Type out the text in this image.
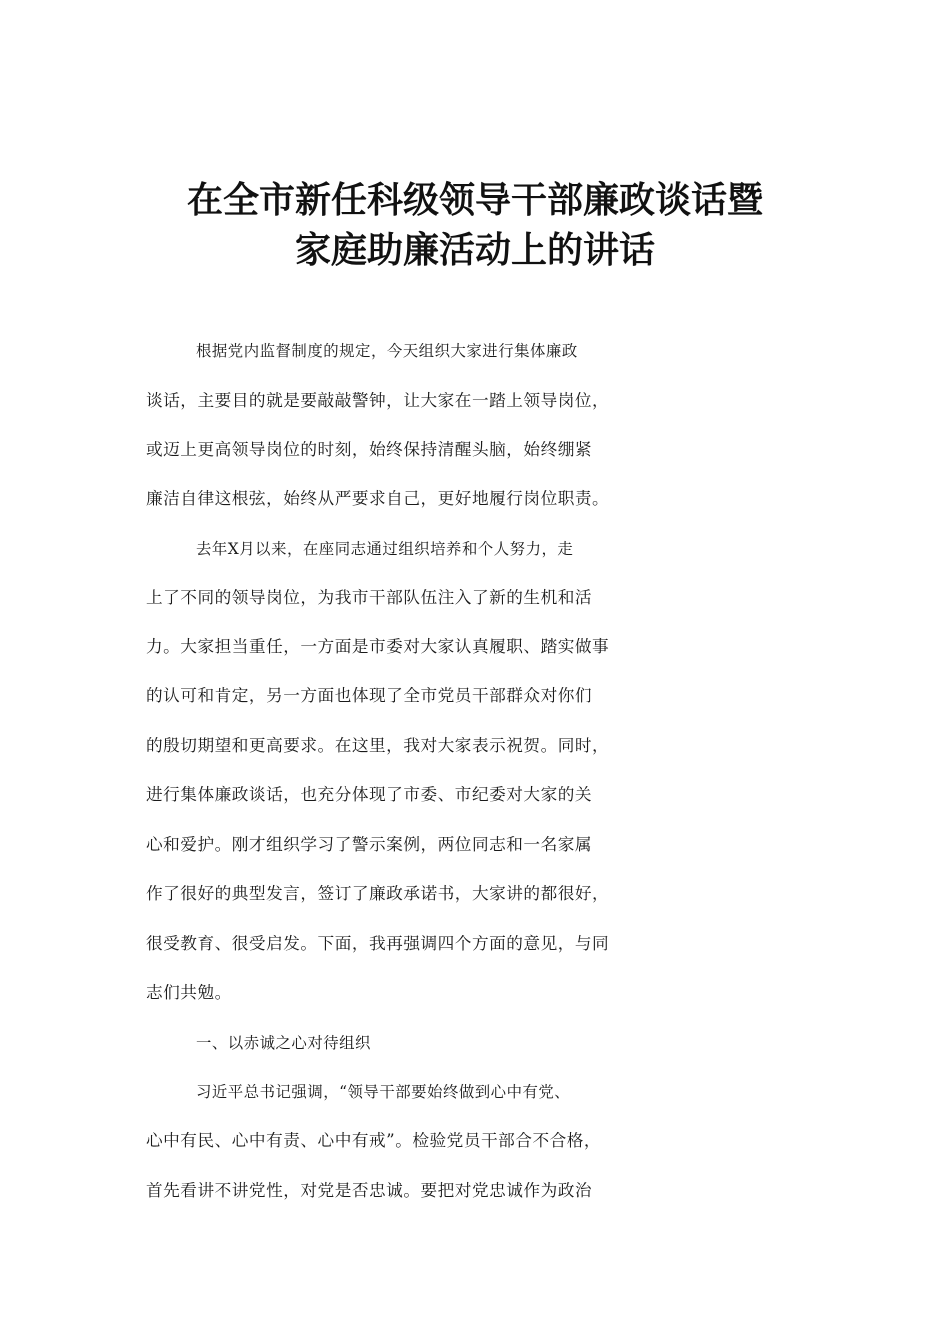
在全市新任科级领导干部廉政谈话暨
家庭助廉活动上的讲话
根据党内监督制度的规定，今天组织大家进行集体廉政
谈话，主要目的就是要敲敲警钟，让大家在一踏上领导岗位，
或迈上更高领导岗位的时刻，始终保持清醒头脑，始终绷紧
廉洁自律这根弦，始终从严要求自己，更好地履行岗位职责。
去年X月以来，在座同志通过组织培养和个人努力，走
上了不同的领导岗位，为我市干部队伍注入了新的生机和活
力。大家担当重任，一方面是市委对大家认真履职、踏实做事
的认可和肯定，另一方面也体现了全市党员干部群众对你们
的殷切期望和更高要求。在这里，我对大家表示祝贺。同时，
进行集体廉政谈话，也充分体现了市委、市纪委对大家的关
心和爱护。刚才组织学习了警示案例，两位同志和一名家属
作了很好的典型发言，签订了廉政承诺书，大家讲的都很好，
很受教育、很受启发。下面，我再强调四个方面的意见，与同
志们共勉。
一、以赤诚之心对待组织
习近平总书记强调，“领导干部要始终做到心中有党、
心中有民、心中有责、心中有戒”。检验党员干部合不合格，
首先看讲不讲党性，对党是否忠诚。要把对党忠诚作为政治
